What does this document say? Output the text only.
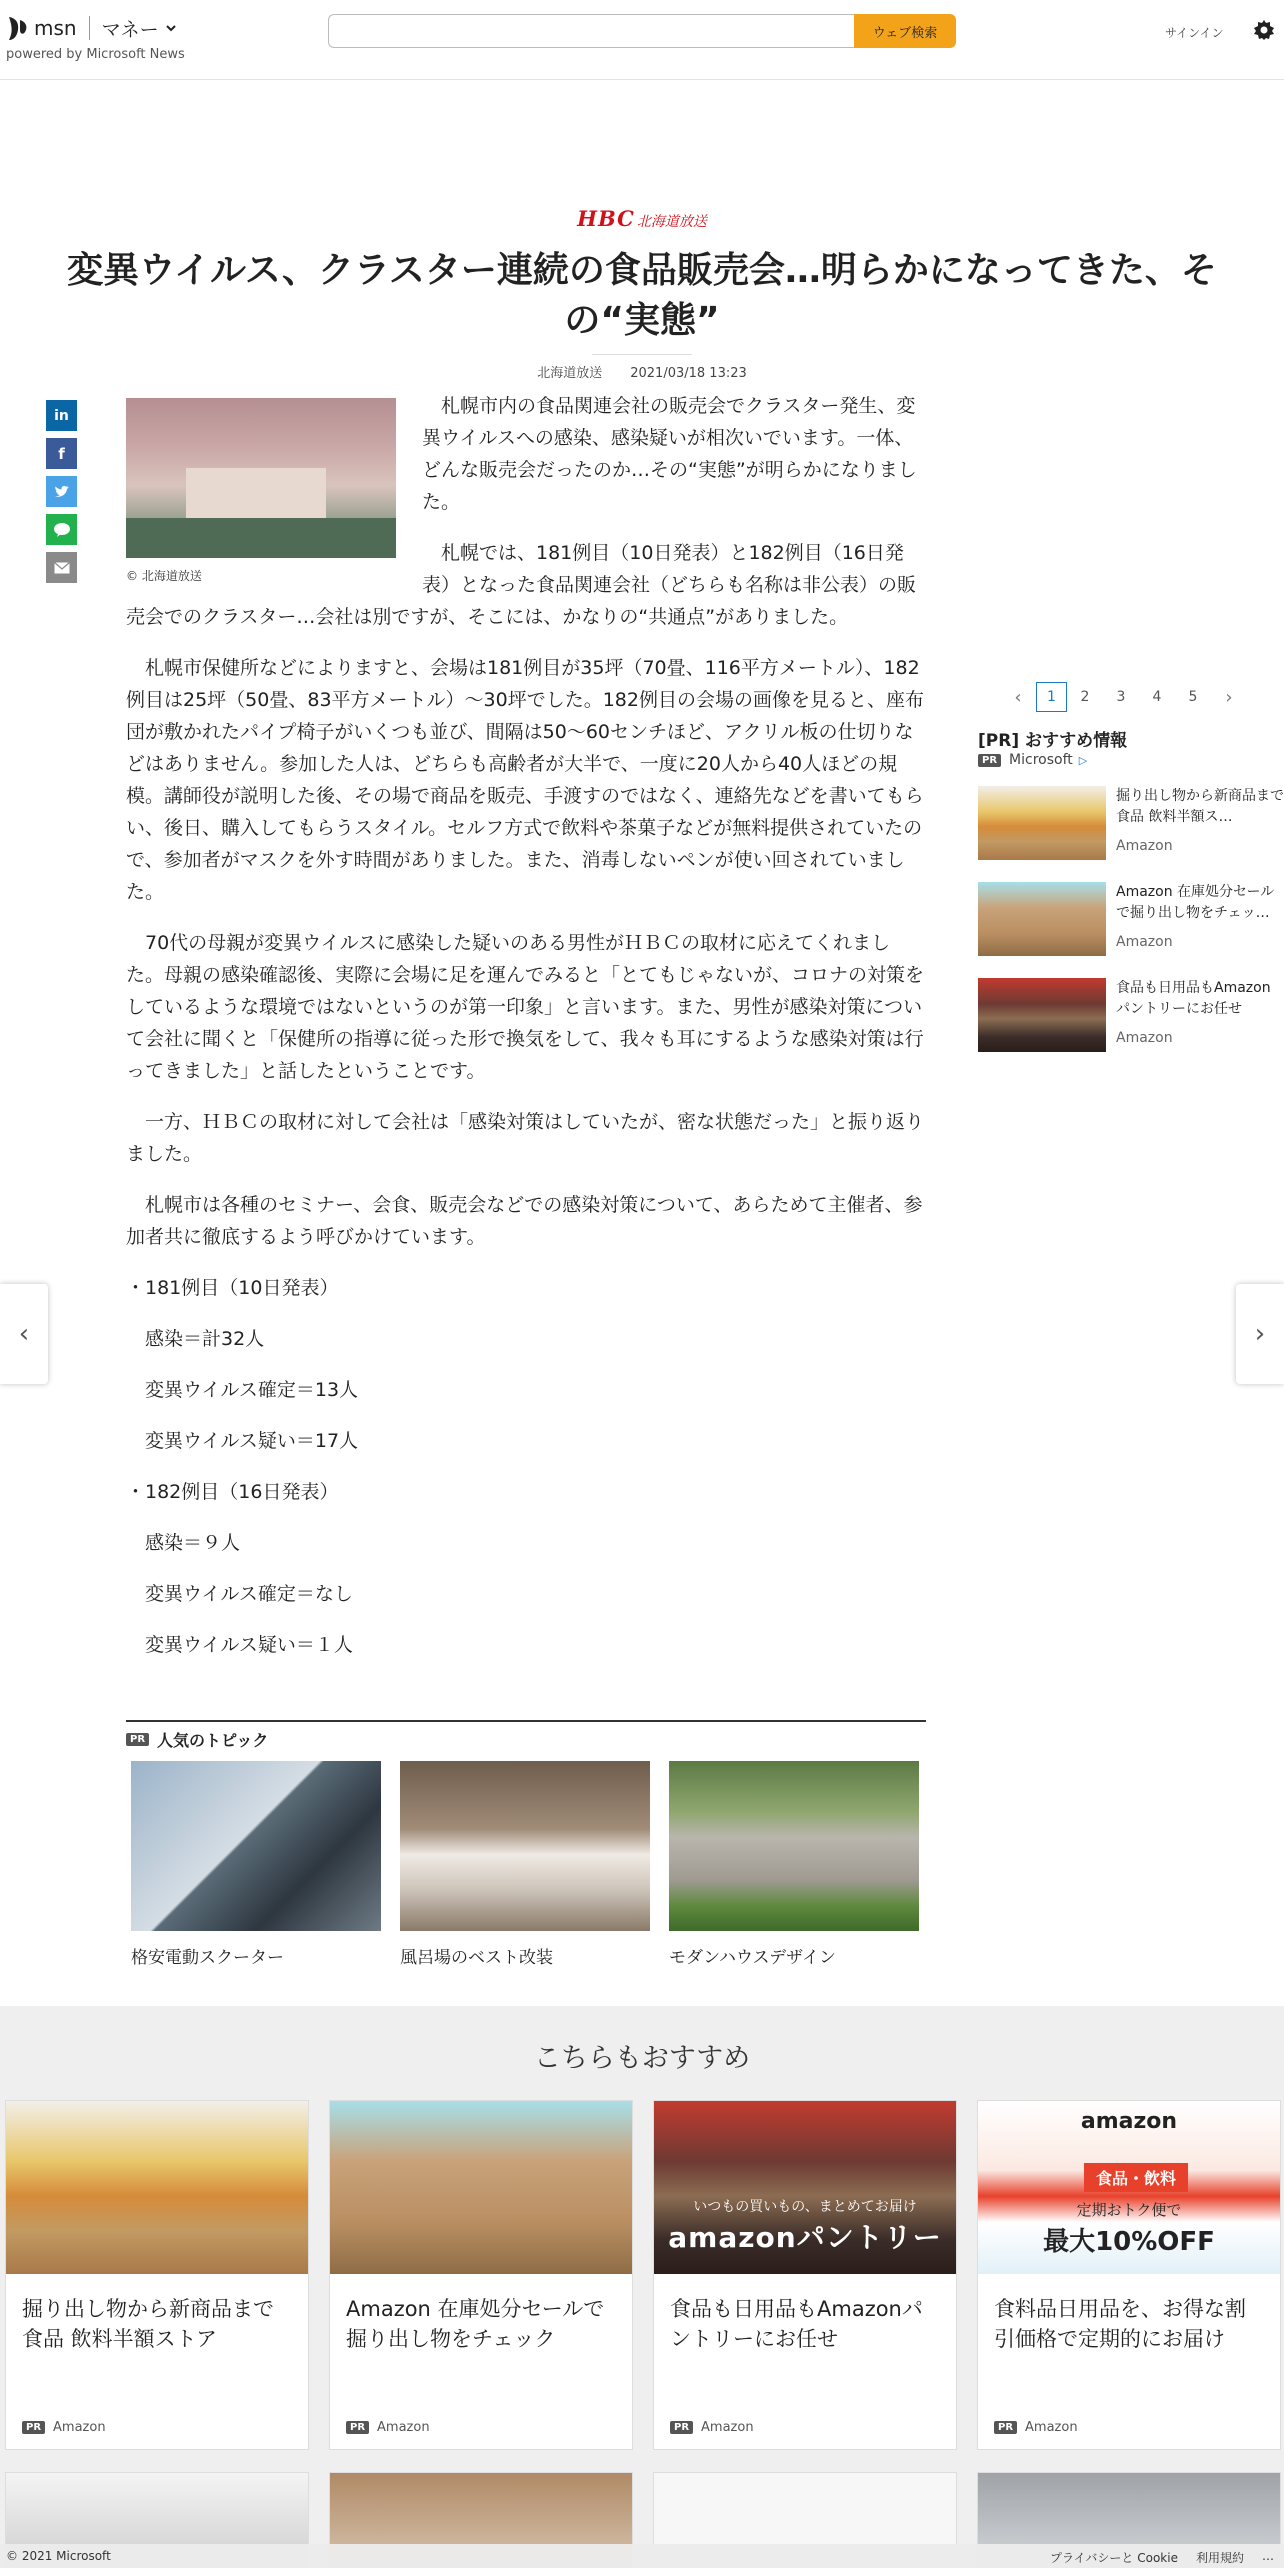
msn マネー
powered by Microsoft News
ウェブ検索	サインイン
HBC 北海道放送
変異ウイルス、クラスター連続の食品販売会…明らかになってきた、その“実態”
北海道放送 2021/03/18 13:23
in
f
© 北海道放送

札幌市内の食品関連会社の販売会でクラスター発生、変異ウイルスへの感染、感染疑いが相次いでいます。一体、どんな販売会だったのか…その“実態”が明らかになりました。

札幌では、181例目（10日発表）と182例目（16日発表）となった食品関連会社（どちらも名称は非公表）の販売会でのクラスター…会社は別ですが、そこには、かなりの“共通点”がありました。

札幌市保健所などによりますと、会場は181例目が35坪（70畳、116平方メートル）、182例目は25坪（50畳、83平方メートル）～30坪でした。182例目の会場の画像を見ると、座布団が敷かれたパイプ椅子がいくつも並び、間隔は50～60センチほど、アクリル板の仕切りなどはありません。参加した人は、どちらも高齢者が大半で、一度に20人から40人ほどの規模。講師役が説明した後、その場で商品を販売、手渡すのではなく、連絡先などを書いてもらい、後日、購入してもらうスタイル。セルフ方式で飲料や茶菓子などが無料提供されていたので、参加者がマスクを外す時間がありました。また、消毒しないペンが使い回されていました。

70代の母親が変異ウイルスに感染した疑いのある男性がＨＢＣの取材に応えてくれました。母親の感染確認後、実際に会場に足を運んでみると「とてもじゃないが、コロナの対策をしているような環境ではないというのが第一印象」と言います。また、男性が感染対策について会社に聞くと「保健所の指導に従った形で換気をして、我々も耳にするような感染対策は行ってきました」と話したということです。

一方、ＨＢＣの取材に対して会社は「感染対策はしていたが、密な状態だった」と振り返りました。

札幌市は各種のセミナー、会食、販売会などでの感染対策について、あらためて主催者、参加者共に徹底するよう呼びかけています。

・181例目（10日発表）

感染＝計32人

変異ウイルス確定＝13人

変異ウイルス疑い＝17人

・182例目（16日発表）

感染＝９人

変異ウイルス確定＝なし

変異ウイルス疑い＝１人

PR 人気のトピック
格安電動スクーター	風呂場のベスト改装	モダンハウスデザイン
‹	1	2	3	4	5	›
[PR] おすすめ情報
PR Microsoft ▷
掘り出し物から新商品まで 食品 飲料半額ス…
Amazon
Amazon 在庫処分セールで掘り出し物をチェッ…
Amazon
食品も日用品もAmazonパントリーにお任せ
Amazon
‹	›
こちらもおすすめ
掘り出し物から新商品まで 食品 飲料半額ストア
PR Amazon
Amazon 在庫処分セールで掘り出し物をチェック
PR Amazon
いつもの買いもの、まとめてお届け
amazonパントリー
食品も日用品もAmazonパントリーにお任せ
PR Amazon
amazon
食品・飲料
定期おトク便で
最大10%OFF
食料品日用品を、お得な割引価格で定期的にお届け
PR Amazon
© 2021 Microsoft	プライバシーと Cookie 利用規約 …
